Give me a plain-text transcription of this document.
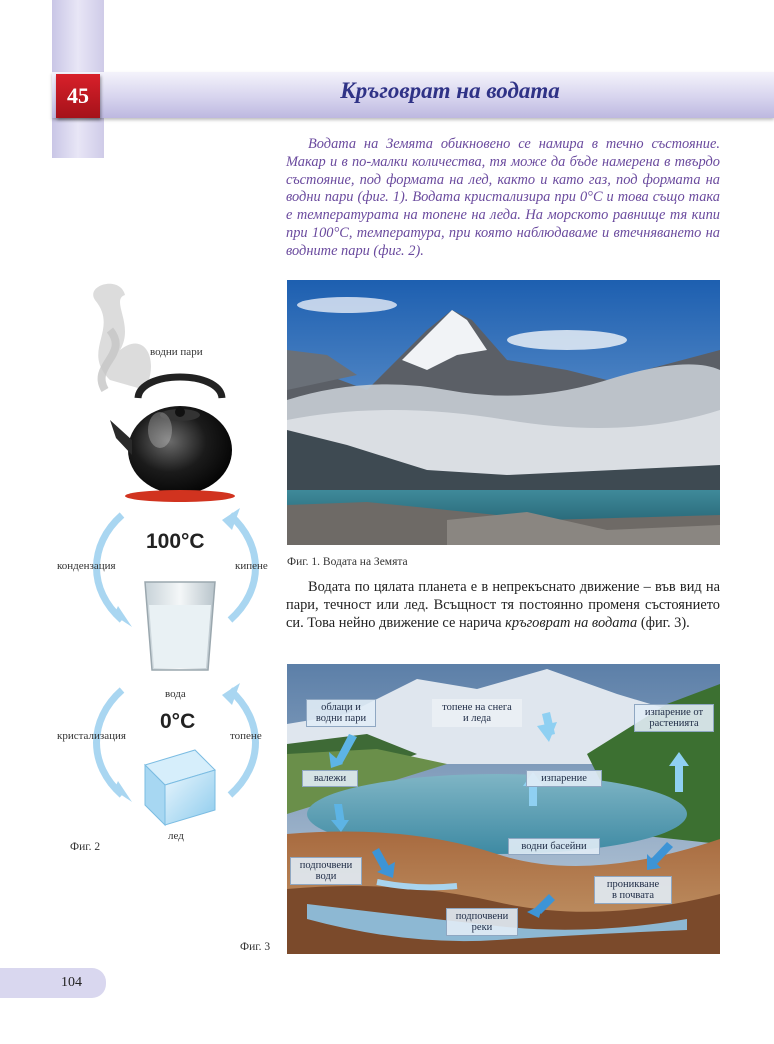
45	Кръговрат на водата

Водата на Земята обикновено се намира в течно състояние. Макар и в по-малки количества, тя може да бъде намерена в твърдо състояние, под формата на лед, както и като газ, под формата на водни пари (фиг. 1). Водата кристализира при 0°C и това също така е температурата на топене на леда. На морското равнище тя кипи при 100°C, температура, при която наблюдаваме и втечняването на водните пари (фиг. 2).

Фиг. 1. Водата на Земята

Водата по цялата планета е в непрекъснато движение – във вид на пари, течност или лед. Всъщност тя постоянно променя състоянието си. Това нейно движение се нарича кръговрат на водата (фиг. 3).

водни пари
100°C
кондензация	кипене
вода
0°C
кристализация	топене
лед
Фиг. 2
облаци и
водни пари
топене на снега
и леда
изпарение от
растенията
валежи	изпарение
водни басейни
подпочвени
води
проникване
в почвата
подпочвени
реки
Фиг. 3
104
